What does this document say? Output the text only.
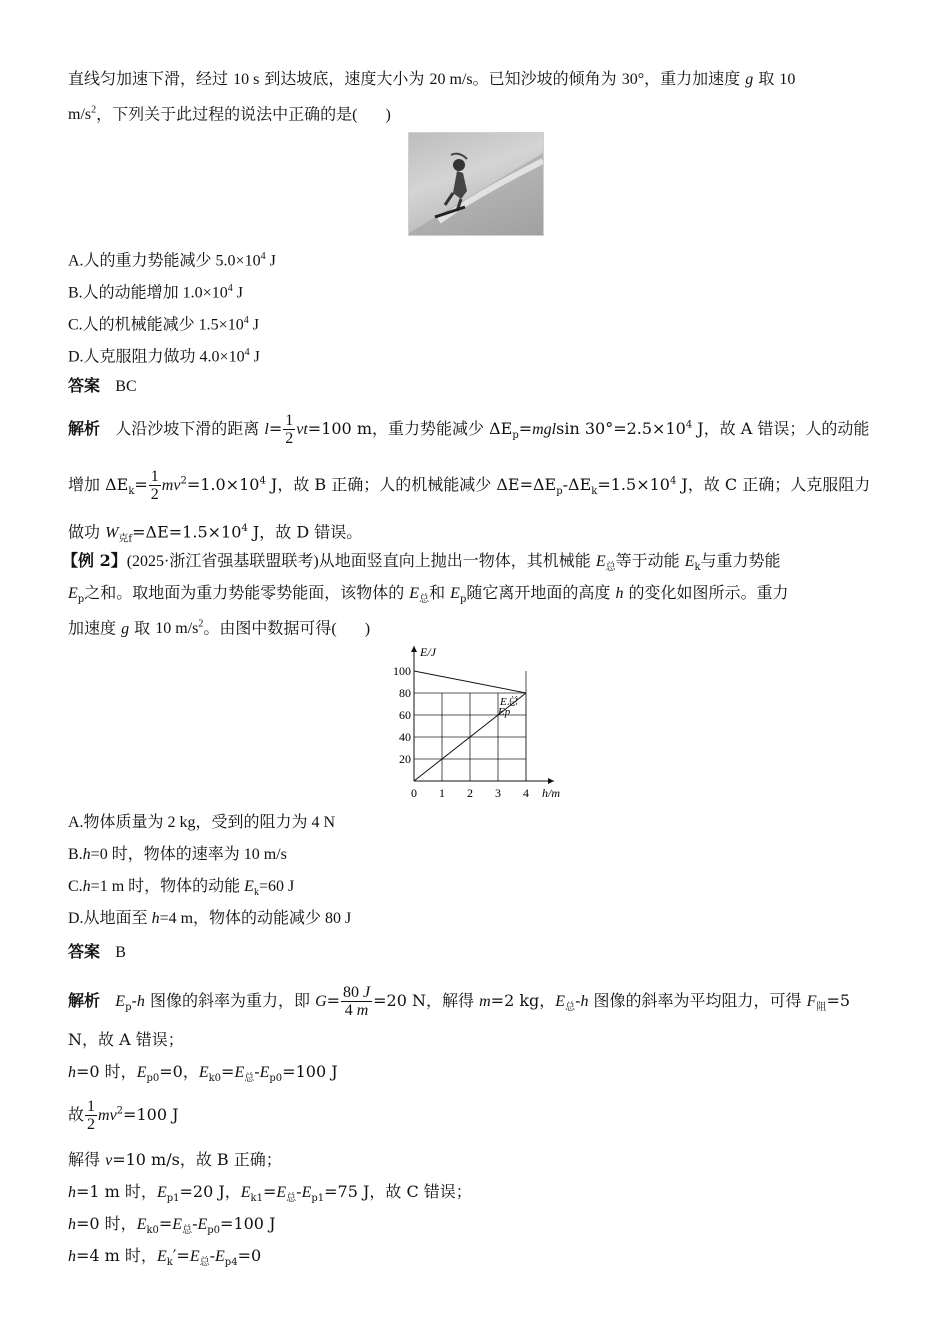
直线匀加速下滑，经过 10 s 到达坡底，速度大小为 20 m/s。已知沙坡的倾角为 30°，重力加速度 g 取 10
$m/s^2$，下列关于此过程的说法中正确的是(       )
A.人的重力势能减少 $5.0\times 10^4$ J
B.人的动能增加 $1.0\times 10^4$ J
C.人的机械能减少 $1.5\times 10^4$ J
D.人克服阻力做功 $4.0\times 10^4$ J
答案 BC
解析   人沿沙坡下滑的距离 $l= \frac{1}{2} vt=100$ m，重力势能减少 $\Delta E_p=mglsin$ $30^\circ=2.5\times 10^4$ J，故 A 错误；人的动能
增加 $\Delta E_k= \frac{1}{2} mv^2=1.0\times 10^4$ J，故 B 正确；人的机械能减少 $\Delta E=\Delta E_p-\Delta E_k=1.5\times 10^4$ J，故 C 正确；人克服阻力
做功 $W_{克f}=\Delta E=1.5\times 10^4$ J，故 D 错误。
【例 2】(2025·浙江省强基联盟联考)从地面竖直向上抛出一物体，其机械能 $E_总$等于动能 $E_k$与重力势能
$E_p$之和。取地面为重力势能零势能面，该物体的 $E_总$和 $E_p$随它离开地面的高度 h 的变化如图所示。重力
加速度 g 取 10 $m/s^2$。由图中数据可得(       )
E/J
h/m
0 1 2 3 4
20
40
60
80
100
E总
Ep
A.物体质量为 2 kg，受到的阻力为 4 N
B.h=0 时，物体的速率为 10 m/s
C.h=1 m 时，物体的动能 $E_k=60$ J
D.从地面至 h=4 m，物体的动能减少 80 J
答案 B
解析 $E_p-h$ 图像的斜率为重力，即 $G= \frac{80 J}{4 m} =20$ N，解得 m=2 kg，$E_总-h$ 图像的斜率为平均阻力，可得 $F_阻=5$
N，故 A 错误；
h=0 时，$E_{p0}=0$，$E_{k0}=E_总-E_{p0}=100$ J
故 $\frac{1}{2} mv^2=100$ J
解得 v=10 m/s，故 B 正确；
h=1 m 时，$E_{p1}=20$ J，$E_{k1}=E_总-E_{p1}=75$ J，故 C 错误；
h=0 时，$E_{k0}=E_总-E_{p0}=100$ J
h=4 m 时，$E_k'=E_总-E_{p4}=0$
